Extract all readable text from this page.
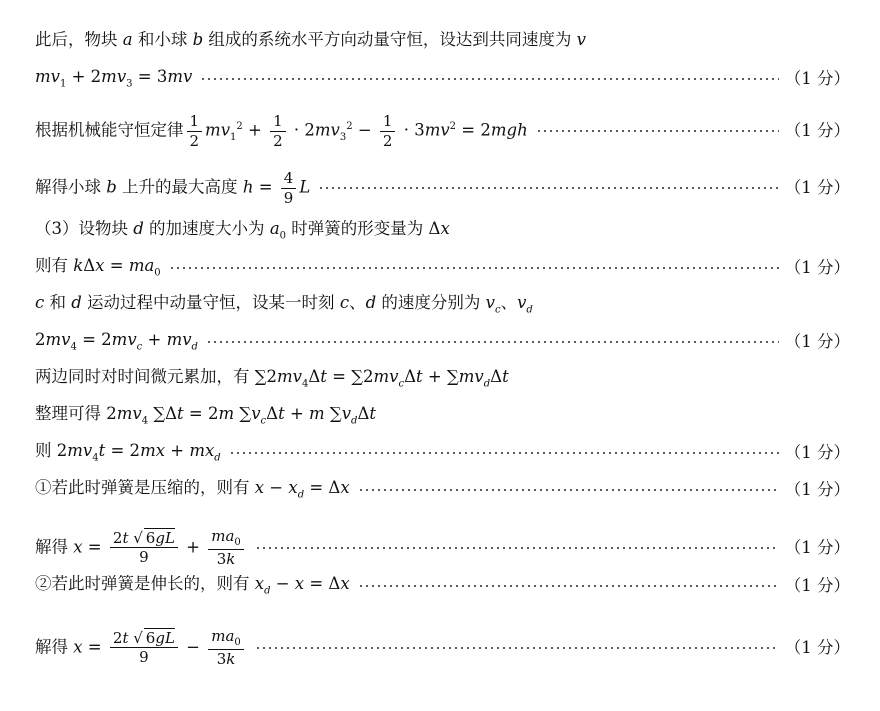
此后，物块 a 和小球 b 组成的系统水平方向动量守恒，设达到共同速度为 v
$mv_1 + 2mv_3 = 3mv$	（1 分）
根据机械能守恒定律 $\frac{1}{2} mv_1^2 + \frac{1}{2} \cdot 2mv_3^2 - \frac{1}{2} \cdot 3mv^2 = 2mgh$	（1 分）
解得小球 b 上升的最大高度 $h = \frac{4}{9}$ L	（1 分）
（3）设物块 d 的加速度大小为 $a_0$ 时弹簧的形变量为 Δx
则有 $k\Delta x = ma_0$	（1 分）
c 和 d 运动过程中动量守恒，设某一时刻 c、d 的速度分别为 $v_c$、$v_d$
$2mv_4 = 2mv_c + mv_d$	（1 分）
两边同时对时间微元累加，有 $\sum 2mv_4\Delta t = \sum 2mv_c\Delta t + \sum mv_d\Delta t$
整理可得 $2mv_4$ ∑Δt = 2m $\sum v_c\Delta t + m$ $\sum v_d\Delta t$
则 $2mv_4t = 2mx + mx_d$	（1 分）
①若此时弹簧是压缩的，则有 $x - x_d = \Delta x$	（1 分）
解得 $x = \frac{2t √ 6gL}{9} + \frac{ma_0}{3k}$	（1 分）
②若此时弹簧是伸长的，则有 $x_d - x = \Delta x$	（1 分）
解得 $x = \frac{2t √ 6gL}{9} - \frac{ma_0}{3k}$	（1 分）
